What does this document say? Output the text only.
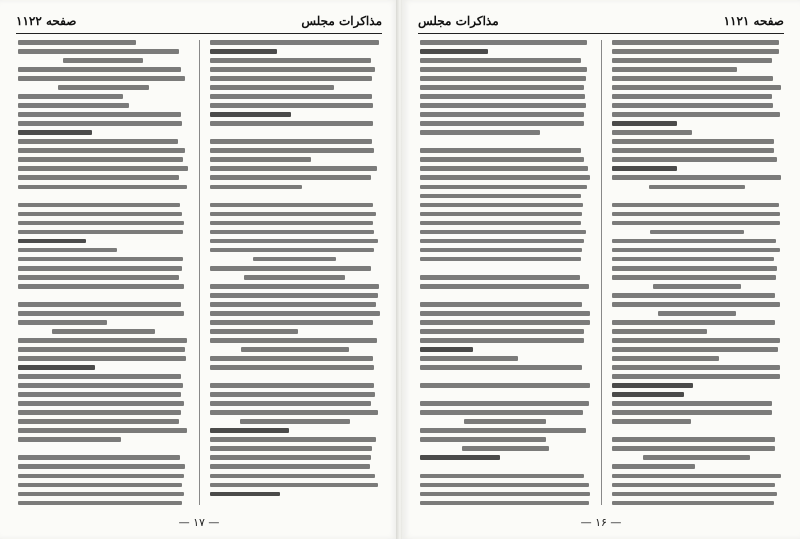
مذاکرات مجلس
صفحه ۱۱۲۲
— ۱۷ —
صفحه ۱۱۲۱
مذاکرات مجلس
— ۱۶ —
